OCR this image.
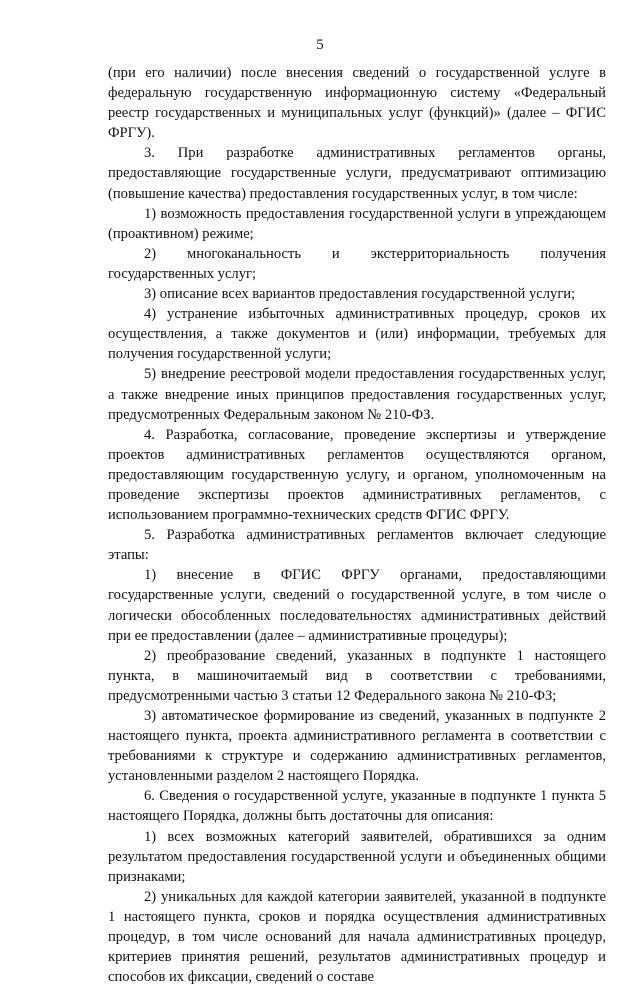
5

(при его наличии) после внесения сведений о государственной услуге в федеральную государственную информационную систему «Федеральный реестр государственных и муниципальных услуг (функций)» (далее – ФГИС ФРГУ).

3. При разработке административных регламентов органы, предоставляющие государственные услуги, предусматривают оптимизацию (повышение качества) предоставления государственных услуг, в том числе:

1) возможность предоставления государственной услуги в упреждающем (проактивном) режиме;

2) многоканальность и экстерриториальность получения государственных услуг;

3) описание всех вариантов предоставления государственной услуги;

4) устранение избыточных административных процедур, сроков их осуществления, а также документов и (или) информации, требуемых для получения государственной услуги;

5) внедрение реестровой модели предоставления государственных услуг, а также внедрение иных принципов предоставления государственных услуг, предусмотренных Федеральным законом № 210-ФЗ.

4. Разработка, согласование, проведение экспертизы и утверждение проектов административных регламентов осуществляются органом, предоставляющим государственную услугу, и органом, уполномоченным на проведение экспертизы проектов административных регламентов, с использованием программно-технических средств ФГИС ФРГУ.

5. Разработка административных регламентов включает следующие этапы:

1) внесение в ФГИС ФРГУ органами, предоставляющими государственные услуги, сведений о государственной услуге, в том числе о логически обособленных последовательностях административных действий при ее предоставлении (далее – административные процедуры);

2) преобразование сведений, указанных в подпункте 1 настоящего пункта, в машиночитаемый вид в соответствии с требованиями, предусмотренными частью 3 статьи 12 Федерального закона № 210-ФЗ;

3) автоматическое формирование из сведений, указанных в подпункте 2 настоящего пункта, проекта административного регламента в соответствии с требованиями к структуре и содержанию административных регламентов, установленными разделом 2 настоящего Порядка.

6. Сведения о государственной услуге, указанные в подпункте 1 пункта 5 настоящего Порядка, должны быть достаточны для описания:

1) всех возможных категорий заявителей, обратившихся за одним результатом предоставления государственной услуги и объединенных общими признаками;

2) уникальных для каждой категории заявителей, указанной в подпункте 1 настоящего пункта, сроков и порядка осуществления административных процедур, в том числе оснований для начала административных процедур, критериев принятия решений, результатов административных процедур и способов их фиксации, сведений о составе
